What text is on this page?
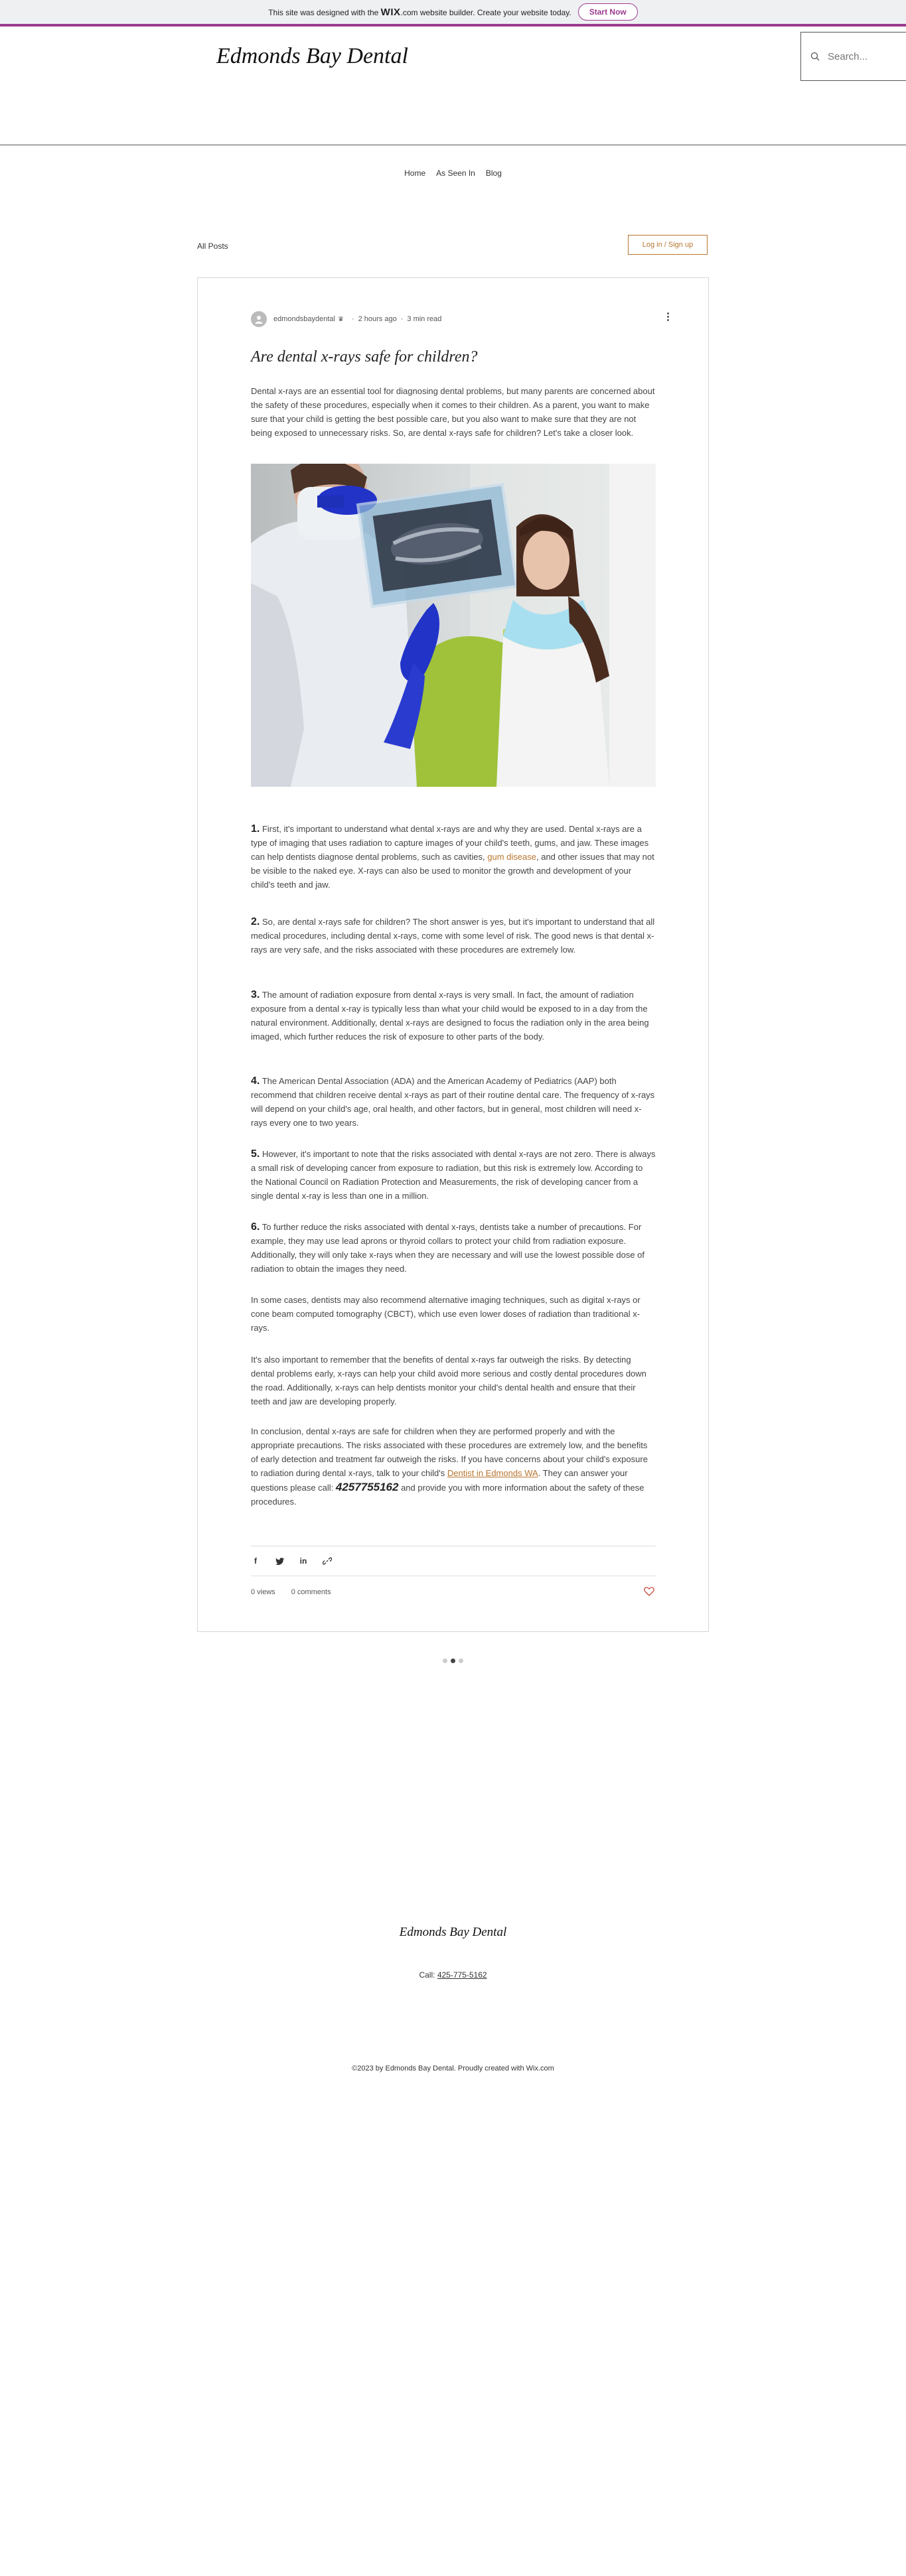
This site was designed with the WIX.com website builder. Create your website today.	Start Now
Edmonds Bay Dental
Search...
Home As Seen In Blog
All Posts	Log in / Sign up
edmondsbaydental ♛ · 2 hours ago · 3 min read
Are dental x-rays safe for children?

Dental x-rays are an essential tool for diagnosing dental problems, but many parents are concerned about the safety of these procedures, especially when it comes to their children. As a parent, you want to make sure that your child is getting the best possible care, but you also want to make sure that they are not being exposed to unnecessary risks. So, are dental x-rays safe for children? Let's take a closer look.

1. First, it's important to understand what dental x-rays are and why they are used. Dental x-rays are a type of imaging that uses radiation to capture images of your child's teeth, gums, and jaw. These images can help dentists diagnose dental problems, such as cavities, gum disease, and other issues that may not be visible to the naked eye. X-rays can also be used to monitor the growth and development of your child's teeth and jaw.

2. So, are dental x-rays safe for children? The short answer is yes, but it's important to understand that all medical procedures, including dental x-rays, come with some level of risk. The good news is that dental x-rays are very safe, and the risks associated with these procedures are extremely low.

3. The amount of radiation exposure from dental x-rays is very small. In fact, the amount of radiation exposure from a dental x-ray is typically less than what your child would be exposed to in a day from the natural environment. Additionally, dental x-rays are designed to focus the radiation only in the area being imaged, which further reduces the risk of exposure to other parts of the body.

4. The American Dental Association (ADA) and the American Academy of Pediatrics (AAP) both recommend that children receive dental x-rays as part of their routine dental care. The frequency of x-rays will depend on your child's age, oral health, and other factors, but in general, most children will need x-rays every one to two years.

5. However, it's important to note that the risks associated with dental x-rays are not zero. There is always a small risk of developing cancer from exposure to radiation, but this risk is extremely low. According to the National Council on Radiation Protection and Measurements, the risk of developing cancer from a single dental x-ray is less than one in a million.

6. To further reduce the risks associated with dental x-rays, dentists take a number of precautions. For example, they may use lead aprons or thyroid collars to protect your child from radiation exposure. Additionally, they will only take x-rays when they are necessary and will use the lowest possible dose of radiation to obtain the images they need.

In some cases, dentists may also recommend alternative imaging techniques, such as digital x-rays or cone beam computed tomography (CBCT), which use even lower doses of radiation than traditional x-rays.

It's also important to remember that the benefits of dental x-rays far outweigh the risks. By detecting dental problems early, x-rays can help your child avoid more serious and costly dental procedures down the road. Additionally, x-rays can help dentists monitor your child's dental health and ensure that their teeth and jaw are developing properly.

In conclusion, dental x-rays are safe for children when they are performed properly and with the appropriate precautions. The risks associated with these procedures are extremely low, and the benefits of early detection and treatment far outweigh the risks. If you have concerns about your child's exposure to radiation during dental x-rays, talk to your child's Dentist in Edmonds WA. They can answer your questions please call: 4257755162 and provide you with more information about the safety of these procedures.

f	in
0 views 0 comments
Edmonds Bay Dental
Call: 425-775-5162
©2023 by Edmonds Bay Dental. Proudly created with Wix.com
